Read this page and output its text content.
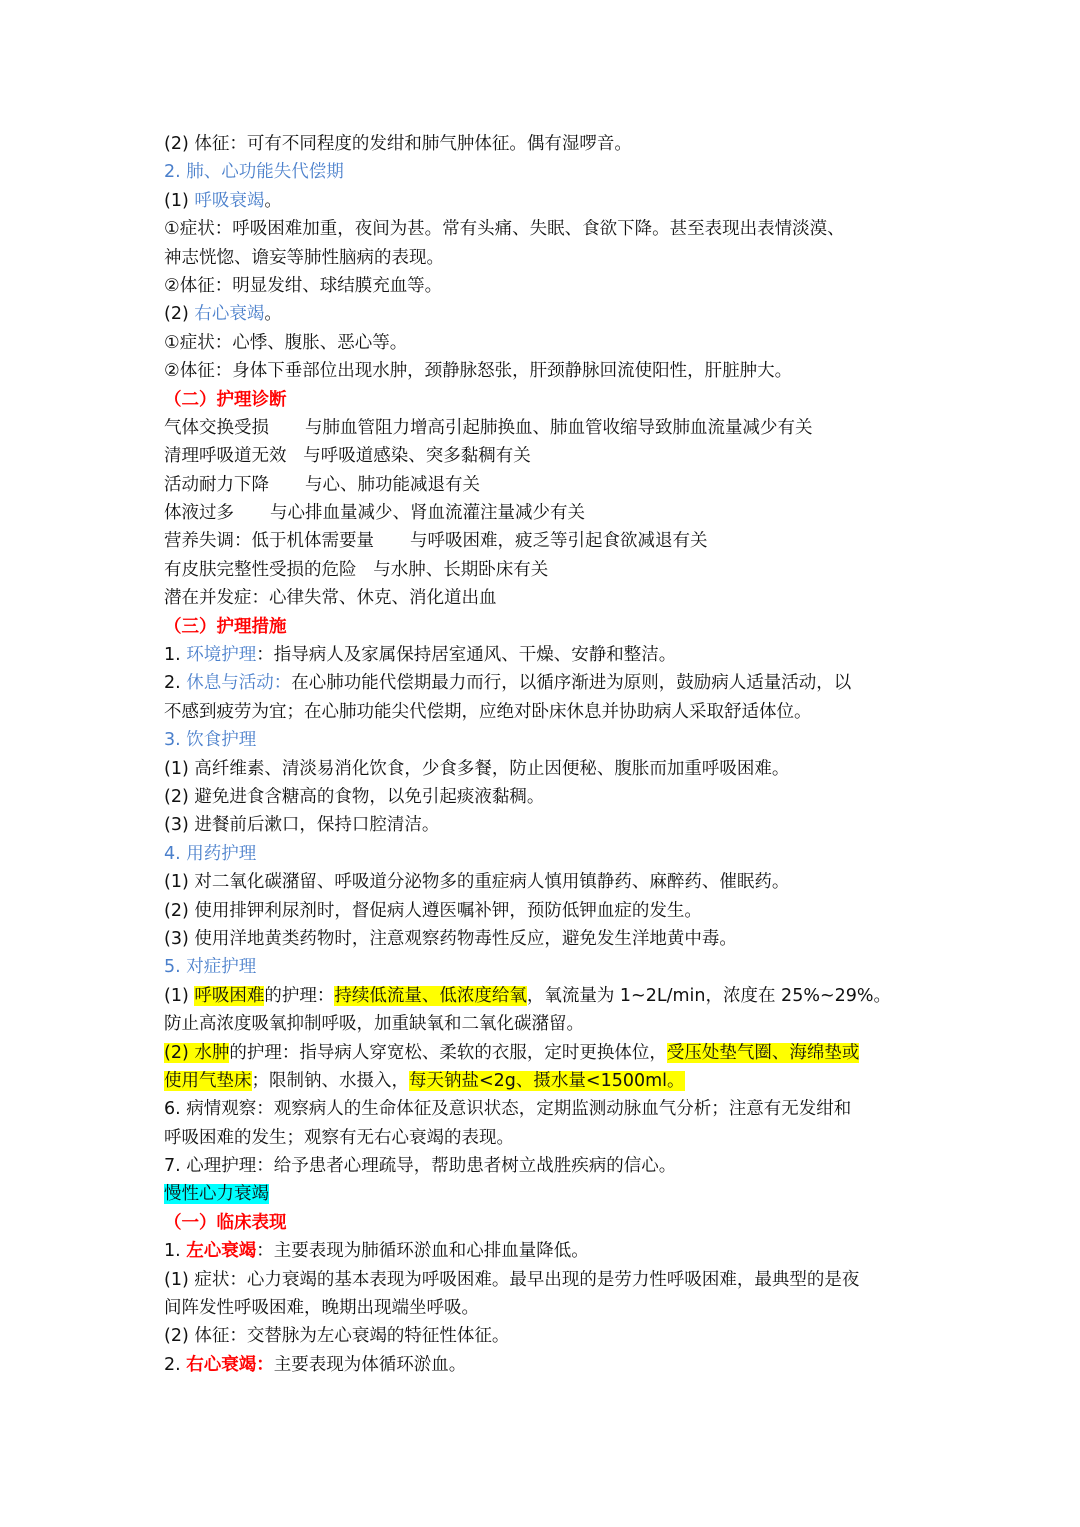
(2) 体征：可有不同程度的发绀和肺气肿体征。偶有湿啰音。
2. 肺、心功能失代偿期
(1) 呼吸衰竭。
①症状：呼吸困难加重，夜间为甚。常有头痛、失眠、食欲下降。甚至表现出表情淡漠、
神志恍惚、谵妄等肺性脑病的表现。
②体征：明显发绀、球结膜充血等。
(2) 右心衰竭。
①症状：心悸、腹胀、恶心等。
②体征：身体下垂部位出现水肿，颈静脉怒张，肝颈静脉回流使阳性，肝脏肿大。
（二）护理诊断
气体交换受损 与肺血管阻力增高引起肺换血、肺血管收缩导致肺血流量减少有关
清理呼吸道无效 与呼吸道感染、突多黏稠有关
活动耐力下降 与心、肺功能减退有关
体液过多 与心排血量减少、肾血流灌注量减少有关
营养失调：低于机体需要量 与呼吸困难，疲乏等引起食欲减退有关
有皮肤完整性受损的危险 与水肿、长期卧床有关
潜在并发症：心律失常、休克、消化道出血
（三）护理措施
1. 环境护理：指导病人及家属保持居室通风、干燥、安静和整洁。
2. 休息与活动：在心肺功能代偿期最力而行，以循序渐进为原则，鼓励病人适量活动，以
不感到疲劳为宜；在心肺功能尖代偿期，应绝对卧床休息并协助病人采取舒适体位。
3. 饮食护理
(1) 高纤维素、清淡易消化饮食，少食多餐，防止因便秘、腹胀而加重呼吸困难。
(2) 避免进食含糖高的食物，以免引起痰液黏稠。
(3) 进餐前后漱口，保持口腔清洁。
4. 用药护理
(1) 对二氧化碳潴留、呼吸道分泌物多的重症病人慎用镇静药、麻醉药、催眠药。
(2) 使用排钾利尿剂时，督促病人遵医嘱补钾，预防低钾血症的发生。
(3) 使用洋地黄类药物时，注意观察药物毒性反应，避免发生洋地黄中毒。
5. 对症护理
(1) 呼吸困难的护理：持续低流量、低浓度给氧，氧流量为 1~2L/min，浓度在 25%~29%。
防止高浓度吸氧抑制呼吸，加重缺氧和二氧化碳潴留。
(2) 水肿的护理：指导病人穿宽松、柔软的衣服，定时更换体位，受压处垫气圈、海绵垫或
使用气垫床；限制钠、水摄入，每天钠盐<2g、摄水量<1500ml。
6. 病情观察：观察病人的生命体征及意识状态，定期监测动脉血气分析；注意有无发绀和
呼吸困难的发生；观察有无右心衰竭的表现。
7. 心理护理：给予患者心理疏导，帮助患者树立战胜疾病的信心。
慢性心力衰竭
（一）临床表现
1. 左心衰竭：主要表现为肺循环淤血和心排血量降低。
(1) 症状：心力衰竭的基本表现为呼吸困难。最早出现的是劳力性呼吸困难，最典型的是夜
间阵发性呼吸困难，晚期出现端坐呼吸。
(2) 体征：交替脉为左心衰竭的特征性体征。
2. 右心衰竭：主要表现为体循环淤血。
